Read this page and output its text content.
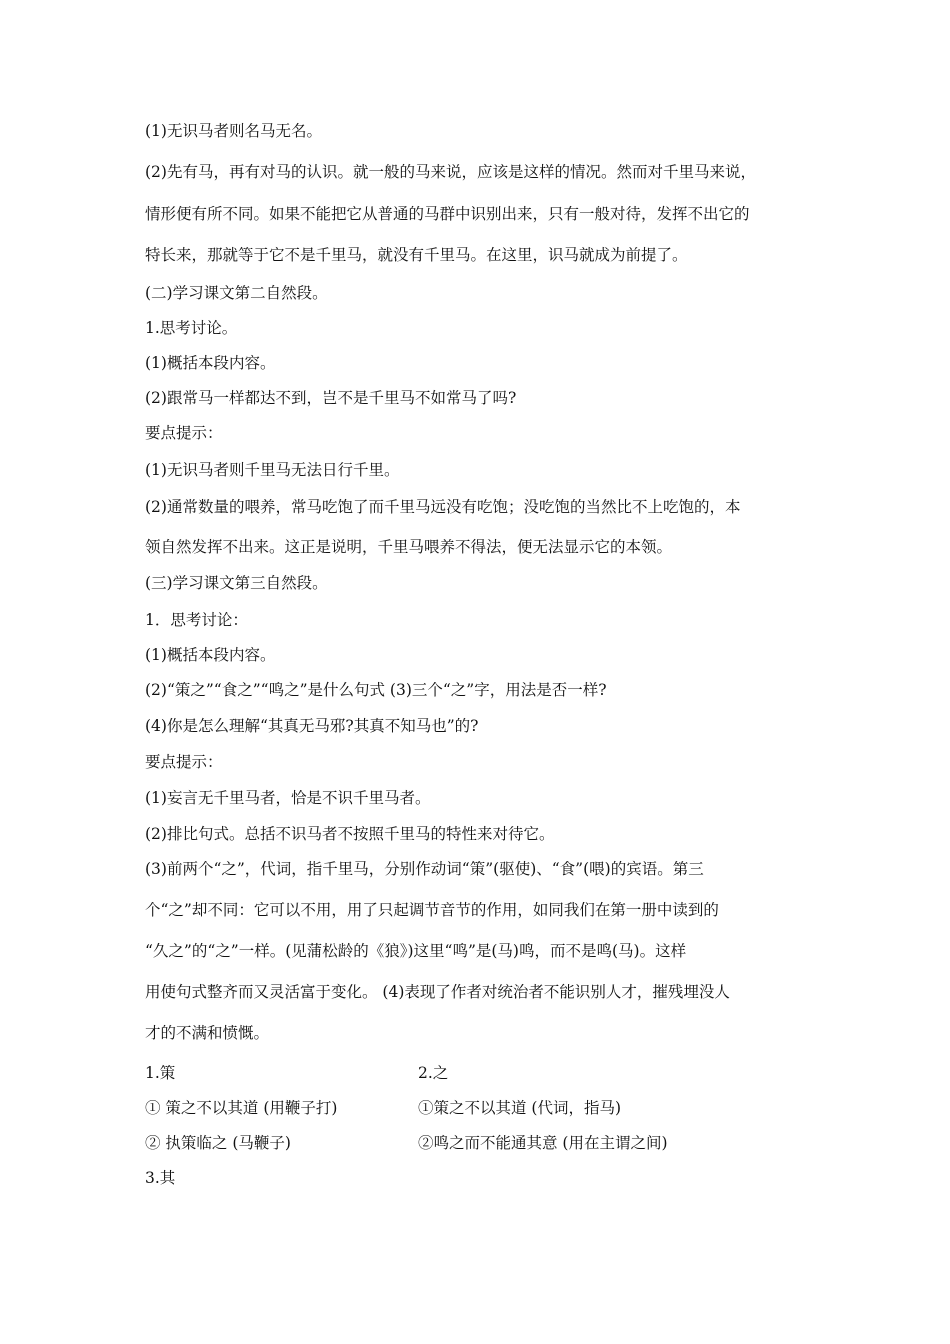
(1)无识马者则名马无名。
(2)先有马，再有对马的认识。就一般的马来说，应该是这样的情况。然而对千里马来说，
情形便有所不同。如果不能把它从普通的马群中识别出来，只有一般对待，发挥不出它的
特长来，那就等于它不是千里马，就没有千里马。在这里，识马就成为前提了。
(二)学习课文第二自然段。
1.思考讨论。
(1)概括本段内容。
(2)跟常马一样都达不到，岂不是千里马不如常马了吗?
要点提示：
(1)无识马者则千里马无法日行千里。
(2)通常数量的喂养，常马吃饱了而千里马远没有吃饱；没吃饱的当然比不上吃饱的，本
领自然发挥不出来。这正是说明，千里马喂养不得法，便无法显示它的本领。
(三)学习课文第三自然段。
1．思考讨论：
(1)概括本段内容。
(2)“策之”“食之”“鸣之”是什么句式 (3)三个“之”字，用法是否一样?
(4)你是怎么理解“其真无马邪?其真不知马也”的?
要点提示：
(1)妄言无千里马者，恰是不识千里马者。
(2)排比句式。总括不识马者不按照千里马的特性来对待它。
(3)前两个“之”，代词，指千里马，分别作动词“策”(驱使)、“食”(喂)的宾语。第三
个“之”却不同：它可以不用，用了只起调节音节的作用，如同我们在第一册中读到的
“久之”的“之”一样。(见蒲松龄的《狼》)这里“鸣”是(马)鸣，而不是鸣(马)。这样
用使句式整齐而又灵活富于变化。 (4)表现了作者对统治者不能识别人才，摧残埋没人
才的不满和愤慨。
1.策	2.之
① 策之不以其道 (用鞭子打)	①策之不以其道 (代词，指马)
② 执策临之 (马鞭子)	②鸣之而不能通其意 (用在主谓之间)
3.其
